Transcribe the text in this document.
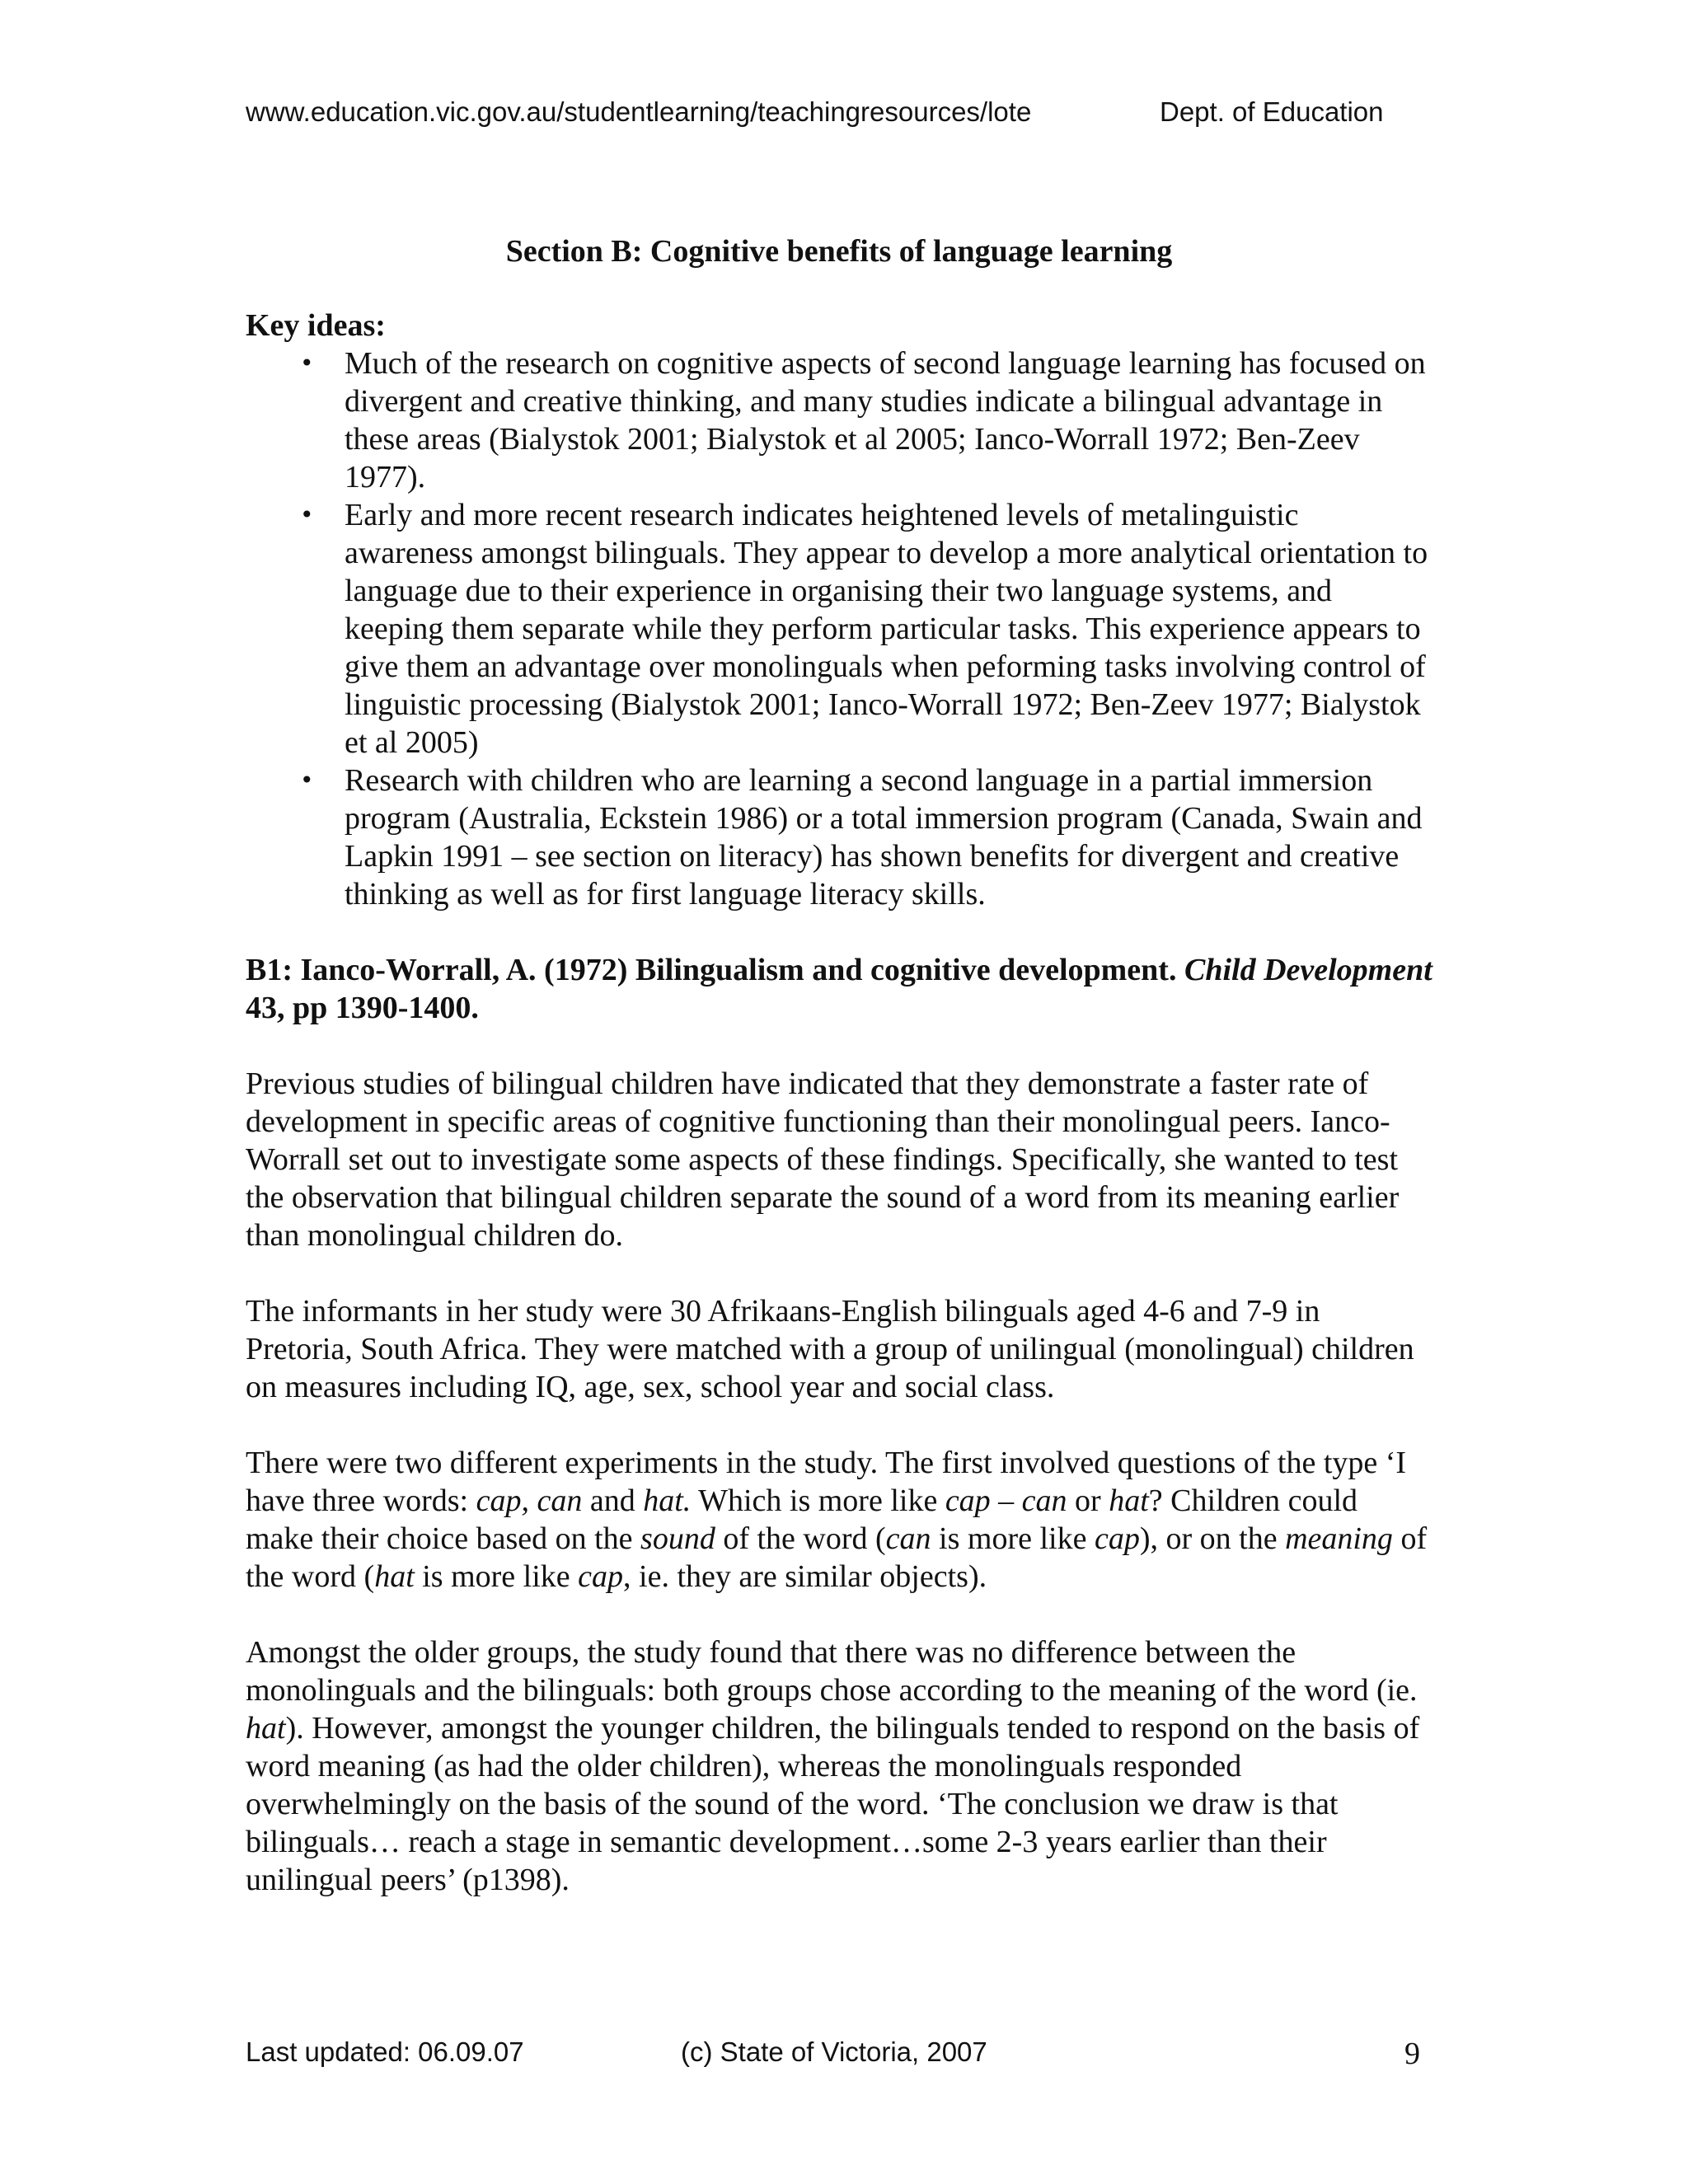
www.education.vic.gov.au/studentlearning/teachingresources/lote	Dept. of Education

Section B: Cognitive benefits of language learning

Key ideas:

• Much of the research on cognitive aspects of second language learning has focused on divergent and creative thinking, and many studies indicate a bilingual advantage in these areas (Bialystok 2001; Bialystok et al 2005; Ianco-Worrall 1972; Ben-Zeev 1977).
• Early and more recent research indicates heightened levels of metalinguistic awareness amongst bilinguals. They appear to develop a more analytical orientation to language due to their experience in organising their two language systems, and keeping them separate while they perform particular tasks. This experience appears to give them an advantage over monolinguals when peforming tasks involving control of linguistic processing (Bialystok 2001; Ianco-Worrall 1972; Ben-Zeev 1977; Bialystok et al 2005)
• Research with children who are learning a second language in a partial immersion program (Australia, Eckstein 1986) or a total immersion program (Canada, Swain and Lapkin 1991 – see section on literacy) has shown benefits for divergent and creative thinking as well as for first language literacy skills.

B1: Ianco-Worrall, A. (1972) Bilingualism and cognitive development. Child Development 43, pp 1390-1400.

Previous studies of bilingual children have indicated that they demonstrate a faster rate of development in specific areas of cognitive functioning than their monolingual peers. Ianco-Worrall set out to investigate some aspects of these findings. Specifically, she wanted to test the observation that bilingual children separate the sound of a word from its meaning earlier than monolingual children do.

The informants in her study were 30 Afrikaans-English bilinguals aged 4-6 and 7-9 in Pretoria, South Africa. They were matched with a group of unilingual (monolingual) children on measures including IQ, age, sex, school year and social class.

There were two different experiments in the study. The first involved questions of the type ‘I have three words: cap, can and hat. Which is more like cap – can or hat? Children could make their choice based on the sound of the word (can is more like cap), or on the meaning of the word (hat is more like cap, ie. they are similar objects).

Amongst the older groups, the study found that there was no difference between the monolinguals and the bilinguals: both groups chose according to the meaning of the word (ie. hat). However, amongst the younger children, the bilinguals tended to respond on the basis of word meaning (as had the older children), whereas the monolinguals responded overwhelmingly on the basis of the sound of the word. ‘The conclusion we draw is that bilinguals… reach a stage in semantic development…some 2-3 years earlier than their unilingual peers’ (p1398).

Last updated: 06.09.07	(c) State of Victoria, 2007	9
